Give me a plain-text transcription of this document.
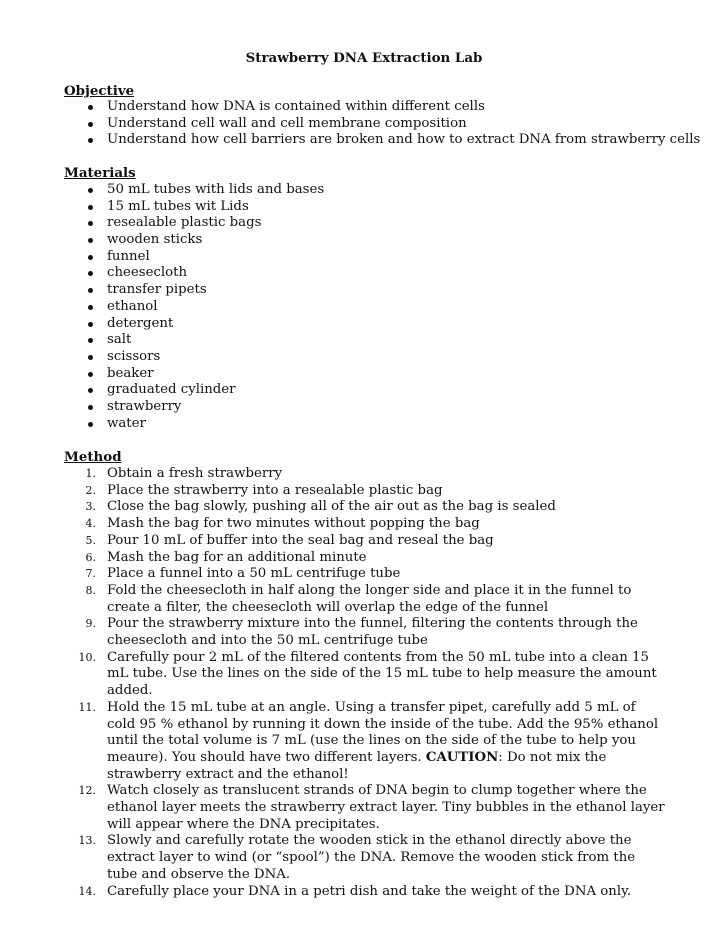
Strawberry DNA Extraction Lab
Objective
Understand how DNA is contained within different cells
Understand cell wall and cell membrane composition
Understand how cell barriers are broken and how to extract DNA from strawberry cells
Materials
50 mL tubes with lids and bases
15 mL tubes wit Lids
resealable plastic bags
wooden sticks
funnel
cheesecloth
transfer pipets
ethanol
detergent
salt
scissors
beaker
graduated cylinder
strawberry
water
Method
1. Obtain a fresh strawberry
2. Place the strawberry into a resealable plastic bag
3. Close the bag slowly, pushing all of the air out as the bag is sealed
4. Mash the bag for two minutes without popping the bag
5. Pour 10 mL of buffer into the seal bag and reseal the bag
6. Mash the bag for an additional minute
7. Place a funnel into a 50 mL centrifuge tube
8. Fold the cheesecloth in half along the longer side and place it in the funnel to create a filter, the cheesecloth will overlap the edge of the funnel
9. Pour the strawberry mixture into the funnel, filtering the contents through the cheesecloth and into the 50 mL centrifuge tube
10. Carefully pour 2 mL of the filtered contents from the 50 mL tube into a clean 15 mL tube. Use the lines on the side of the 15 mL tube to help measure the amount added.
11. Hold the 15 mL tube at an angle. Using a transfer pipet, carefully add 5 mL of cold 95 % ethanol by running it down the inside of the tube. Add the 95% ethanol until the total volume is 7 mL (use the lines on the side of the tube to help you meaure). You should have two different layers. CAUTION: Do not mix the strawberry extract and the ethanol!
12. Watch closely as translucent strands of DNA begin to clump together where the ethanol layer meets the strawberry extract layer. Tiny bubbles in the ethanol layer will appear where the DNA precipitates.
13. Slowly and carefully rotate the wooden stick in the ethanol directly above the extract layer to wind (or “spool”) the DNA. Remove the wooden stick from the tube and observe the DNA.
14. Carefully place your DNA in a petri dish and take the weight of the DNA only.
